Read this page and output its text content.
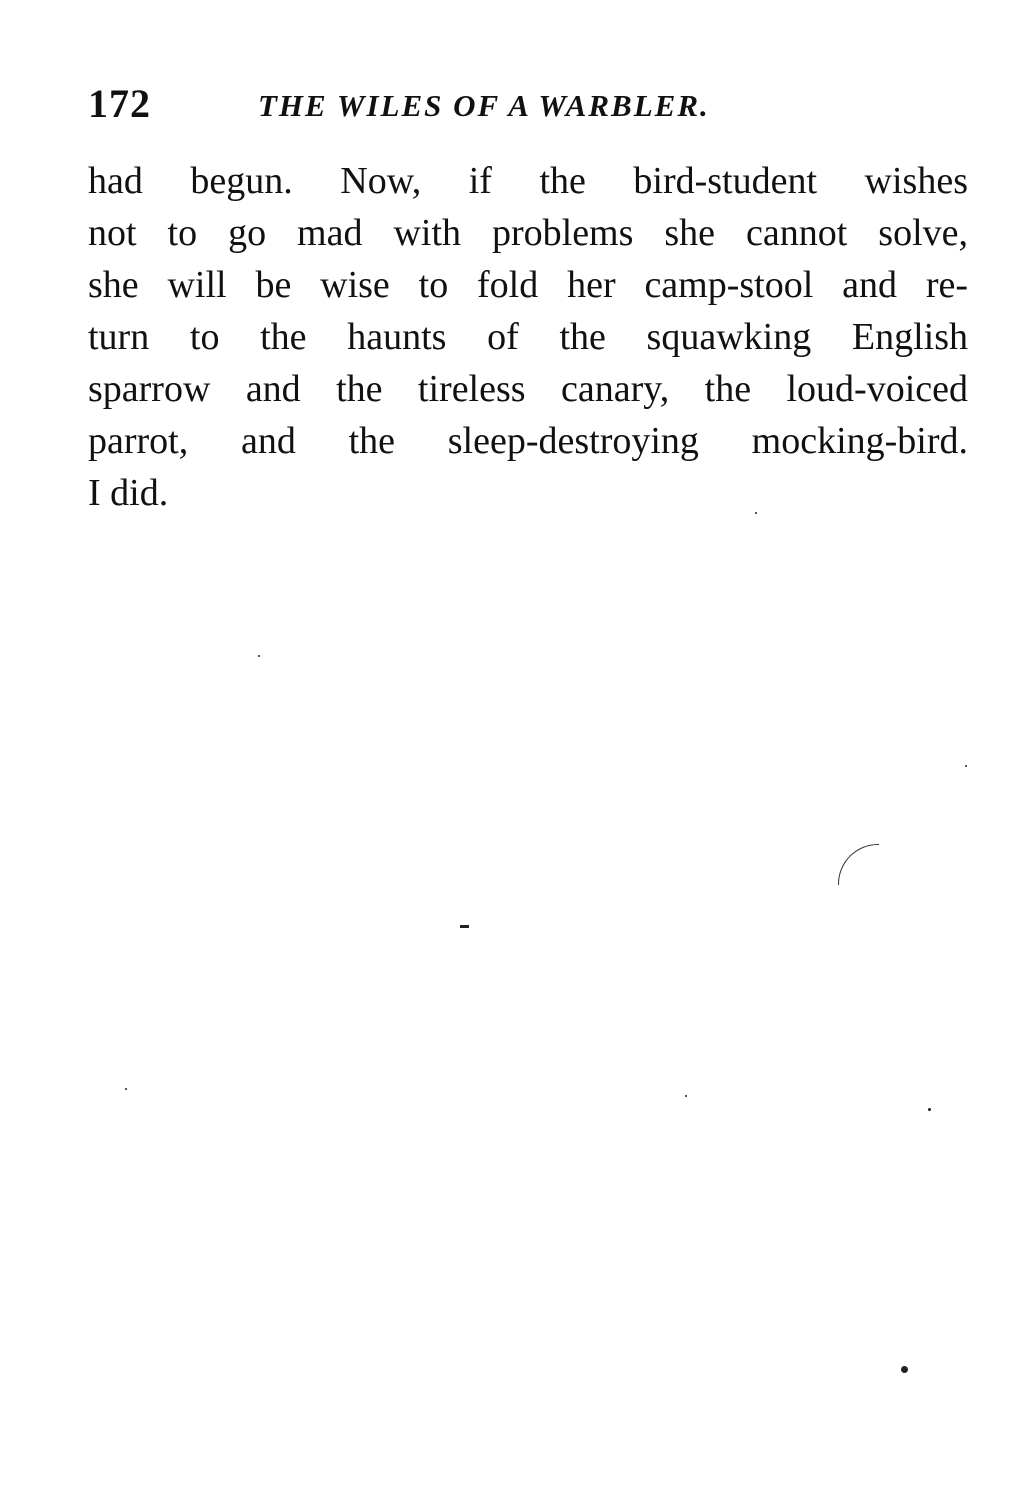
172	THE WILES OF A WARBLER.

had begun. Now, if the bird-student wishes
not to go mad with problems she cannot solve,
she will be wise to fold her camp-stool and re-
turn to the haunts of the squawking English
sparrow and the tireless canary, the loud-voiced
parrot, and the sleep-destroying mocking-bird.
I did.
